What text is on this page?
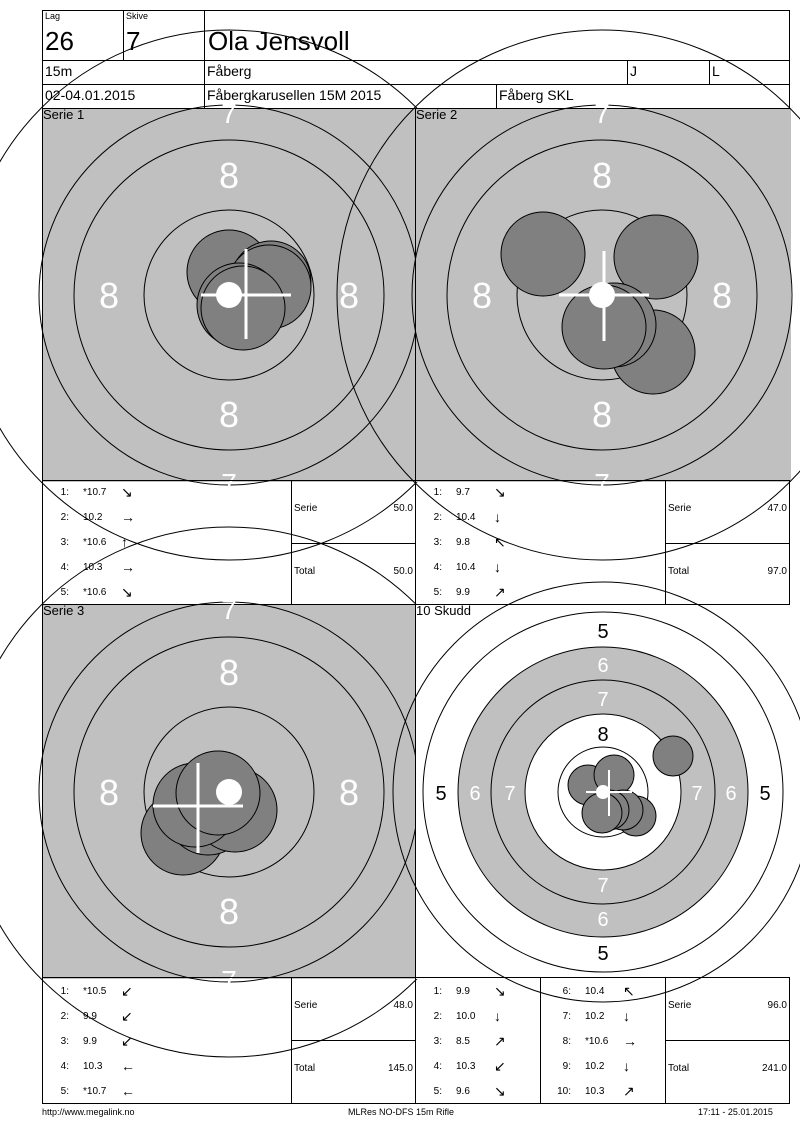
Lag
26
Skive
7	Ola Jensvoll
15m	Fåberg	J	L
02-04.01.2015	Fåbergkarusellen 15M 2015	Fåberg SKL
8
8
8	8
7
7
Serie 1
8
8
8	8
7
7
Serie 2
1: *10.7 ↘
2: 10.2 →
3: *10.6 ↑
4: 10.3 →
5: *10.6 ↘
Serie	50.0
Total	50.0
1: 9.7 ↘
2: 10.4 ↓
3: 9.8 ↖
4: 10.4 ↓
5: 9.9 ↗
Serie	47.0
Total	97.0
8
8
8	8
7
7
Serie 3
5
5
5	5
6
6
6	6
7
7
7	7
8
8
8	8
10 Skudd
1: *10.5 ↙
2: 9.9 ↙
3: 9.9 ↙
4: 10.3 ←
5: *10.7 ←
Serie	48.0
Total	145.0
1: 9.9 ↘
2: 10.0 ↓
3: 8.5 ↗
4: 10.3 ↙
5: 9.6 ↘
6: 10.4 ↖
7: 10.2 ↓
8: *10.6 →
9: 10.2 ↓
10: 10.3 ↗
Serie	96.0
Total	241.0
http://www.megalink.no	MLRes NO-DFS 15m Rifle	17:11 - 25.01.2015
